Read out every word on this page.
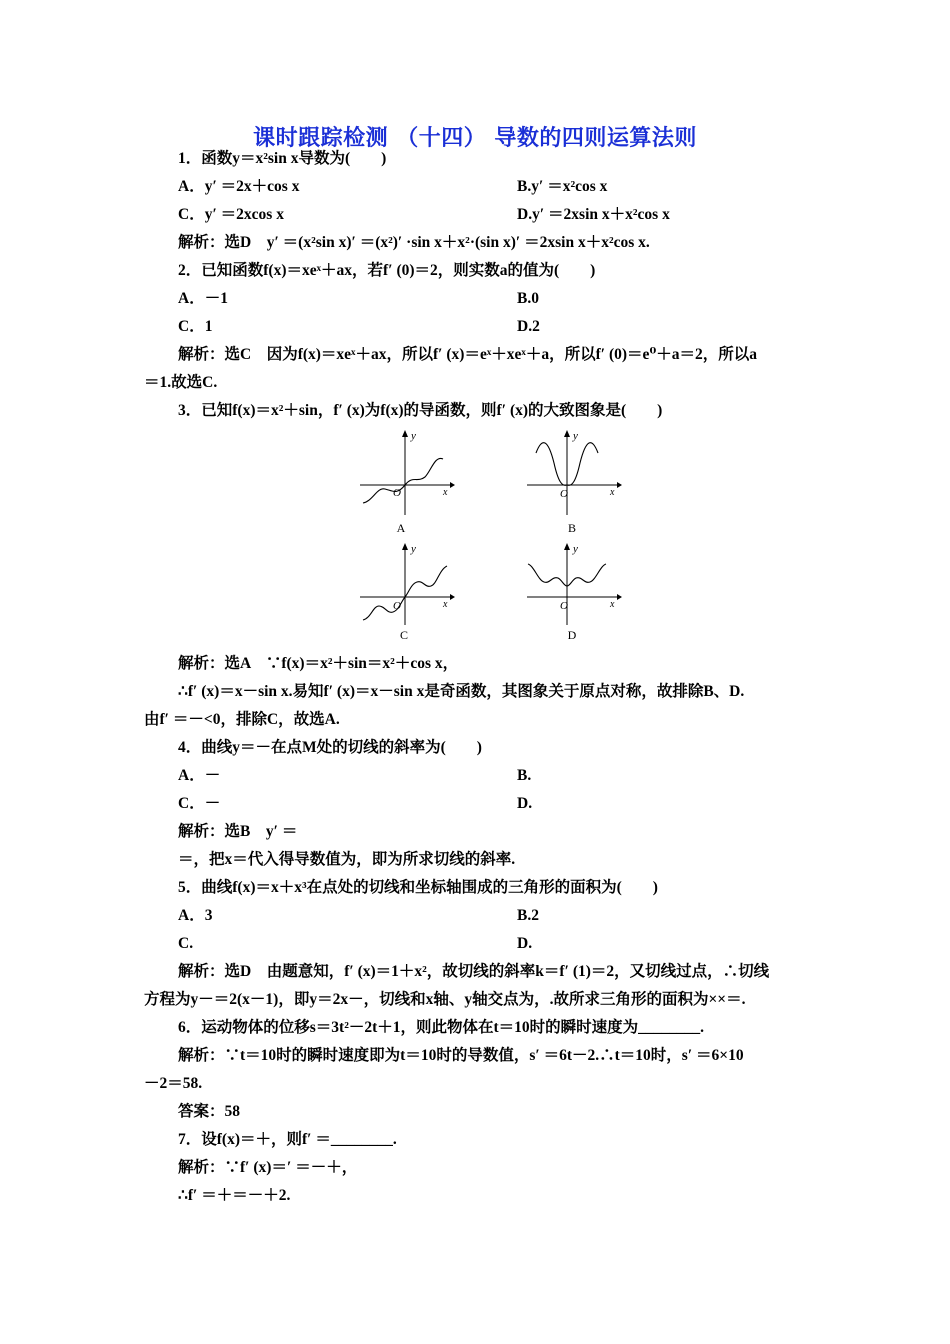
课时跟踪检测 （十四） 导数的四则运算法则
1．函数y＝x²sin x导数为(　　)
A．y′ ＝2x＋cos x	B.y′ ＝x²cos x
C．y′ ＝2xcos x	D.y′ ＝2xsin x＋x²cos x
解析：选D　y′ ＝(x²sin x)′ ＝(x²)′ ·sin x＋x²·(sin x)′ ＝2xsin x＋x²cos x.
2．已知函数f(x)＝xeˣ＋ax，若f′ (0)＝2，则实数a的值为(　　)
A．－1	B.0
C．1	D.2
解析：选C　因为f(x)＝xeˣ＋ax，所以f′ (x)＝eˣ＋xeˣ＋a，所以f′ (0)＝e⁰＋a＝2，所以a
＝1.故选C.
3．已知f(x)＝x²＋sin，f′ (x)为f(x)的导函数，则f′ (x)的大致图象是(　　)
y
x
O
A
y
x
O
B
y
x
O
C
y
x
O
D
解析：选A　∵f(x)＝x²＋sin＝x²＋cos x，
∴f′ (x)＝x－sin x.易知f′ (x)＝x－sin x是奇函数，其图象关于原点对称，故排除B、D.
由f′ ＝－<0，排除C，故选A.
4．曲线y＝－在点M处的切线的斜率为(　　)
A．－	B.
C．－	D.
解析：选B　y′ ＝
＝，把x＝代入得导数值为，即为所求切线的斜率.
5．曲线f(x)＝x＋x³在点处的切线和坐标轴围成的三角形的面积为(　　)
A．3	B.2
C.	D.
解析：选D　由题意知，f′ (x)＝1＋x²，故切线的斜率k＝f′ (1)＝2，又切线过点，∴切线
方程为y－＝2(x－1)，即y＝2x－，切线和x轴、y轴交点为，.故所求三角形的面积为××＝.
6．运动物体的位移s＝3t²－2t＋1，则此物体在t＝10时的瞬时速度为________.
解析：∵t＝10时的瞬时速度即为t＝10时的导数值，s′ ＝6t－2.∴t＝10时，s′ ＝6×10
－2＝58.
答案：58
7．设f(x)＝＋，则f′ ＝________.
解析：∵f′ (x)＝′ ＝－＋，
∴f′ ＝＋＝－＋2.
